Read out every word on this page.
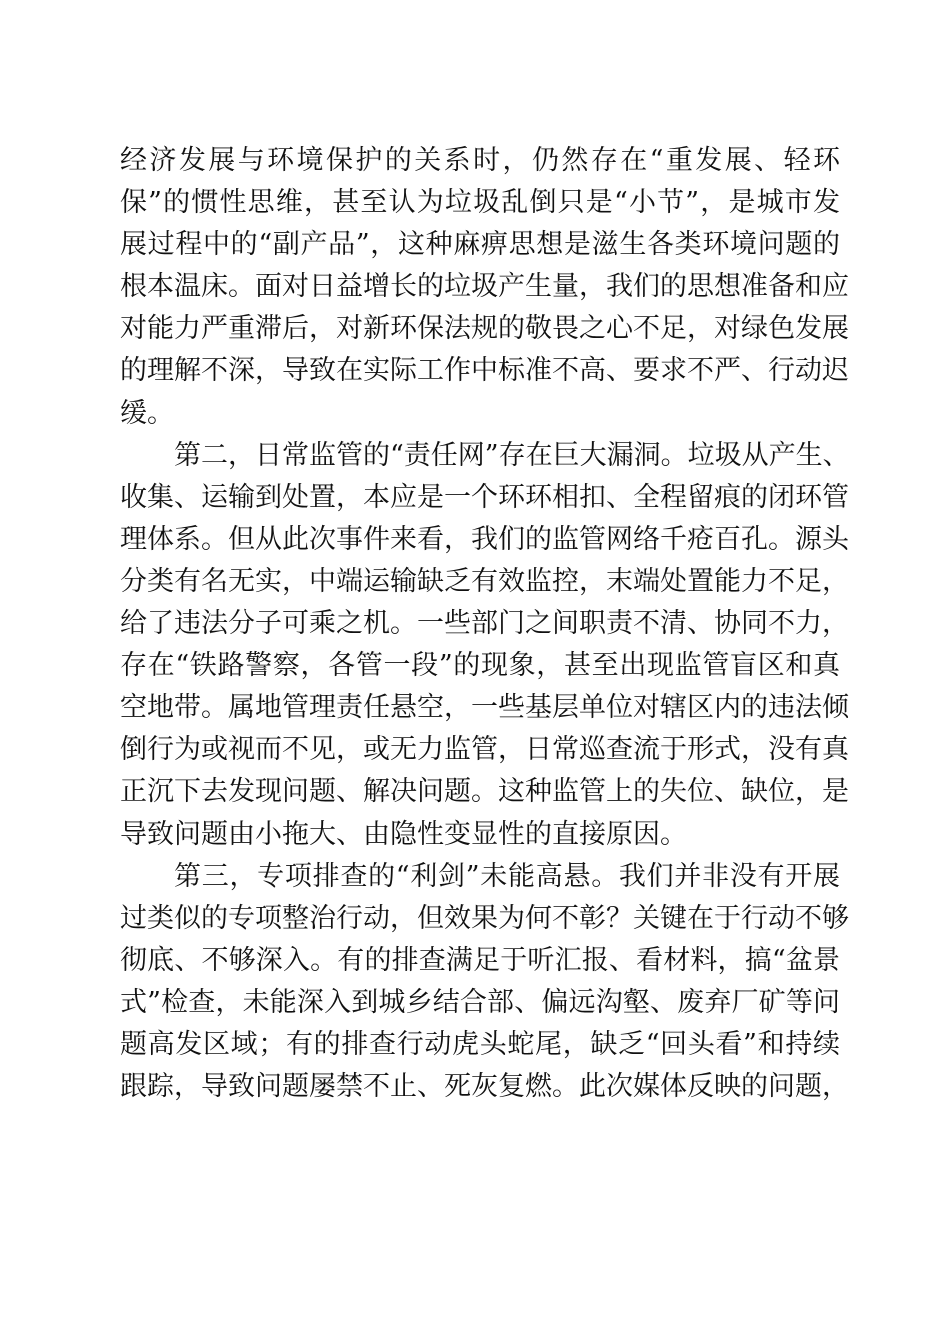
经济发展与环境保护的关系时，仍然存在“重发展、轻环
保”的惯性思维，甚至认为垃圾乱倒只是“小节”，是城市发
展过程中的“副产品”，这种麻痹思想是滋生各类环境问题的
根本温床。面对日益增长的垃圾产生量，我们的思想准备和应
对能力严重滞后，对新环保法规的敬畏之心不足，对绿色发展
的理解不深，导致在实际工作中标准不高、要求不严、行动迟
缓。
第二，日常监管的“责任网”存在巨大漏洞。垃圾从产生、
收集、运输到处置，本应是一个环环相扣、全程留痕的闭环管
理体系。但从此次事件来看，我们的监管网络千疮百孔。源头
分类有名无实，中端运输缺乏有效监控，末端处置能力不足，
给了违法分子可乘之机。一些部门之间职责不清、协同不力，
存在“铁路警察，各管一段”的现象，甚至出现监管盲区和真
空地带。属地管理责任悬空，一些基层单位对辖区内的违法倾
倒行为或视而不见，或无力监管，日常巡查流于形式，没有真
正沉下去发现问题、解决问题。这种监管上的失位、缺位，是
导致问题由小拖大、由隐性变显性的直接原因。
第三，专项排查的“利剑”未能高悬。我们并非没有开展
过类似的专项整治行动，但效果为何不彰？关键在于行动不够
彻底、不够深入。有的排查满足于听汇报、看材料，搞“盆景
式”检查，未能深入到城乡结合部、偏远沟壑、废弃厂矿等问
题高发区域；有的排查行动虎头蛇尾，缺乏“回头看”和持续
跟踪，导致问题屡禁不止、死灰复燃。此次媒体反映的问题，
